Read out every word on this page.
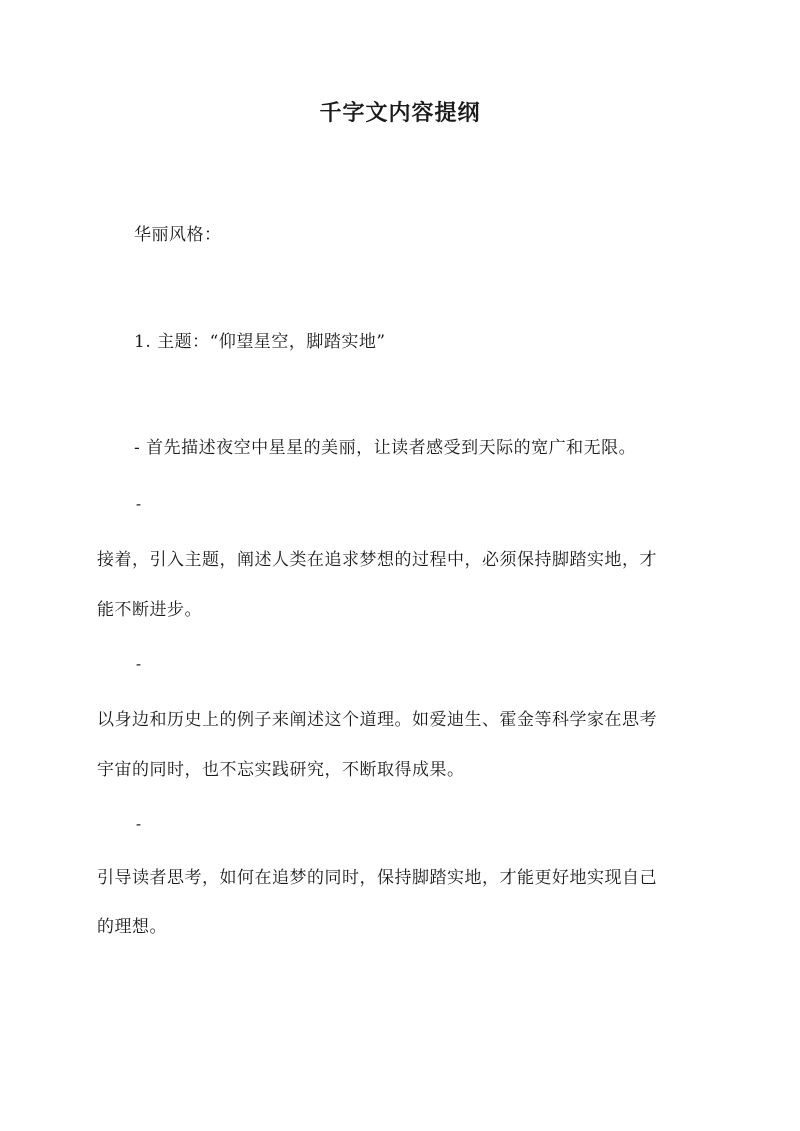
千字文内容提纲
华丽风格：
1. 主题：“仰望星空，脚踏实地”
- 首先描述夜空中星星的美丽，让读者感受到天际的宽广和无限。
-
接着，引入主题，阐述人类在追求梦想的过程中，必须保持脚踏实地，才
能不断进步。
-
以身边和历史上的例子来阐述这个道理。如爱迪生、霍金等科学家在思考
宇宙的同时，也不忘实践研究，不断取得成果。
-
引导读者思考，如何在追梦的同时，保持脚踏实地，才能更好地实现自己
的理想。
